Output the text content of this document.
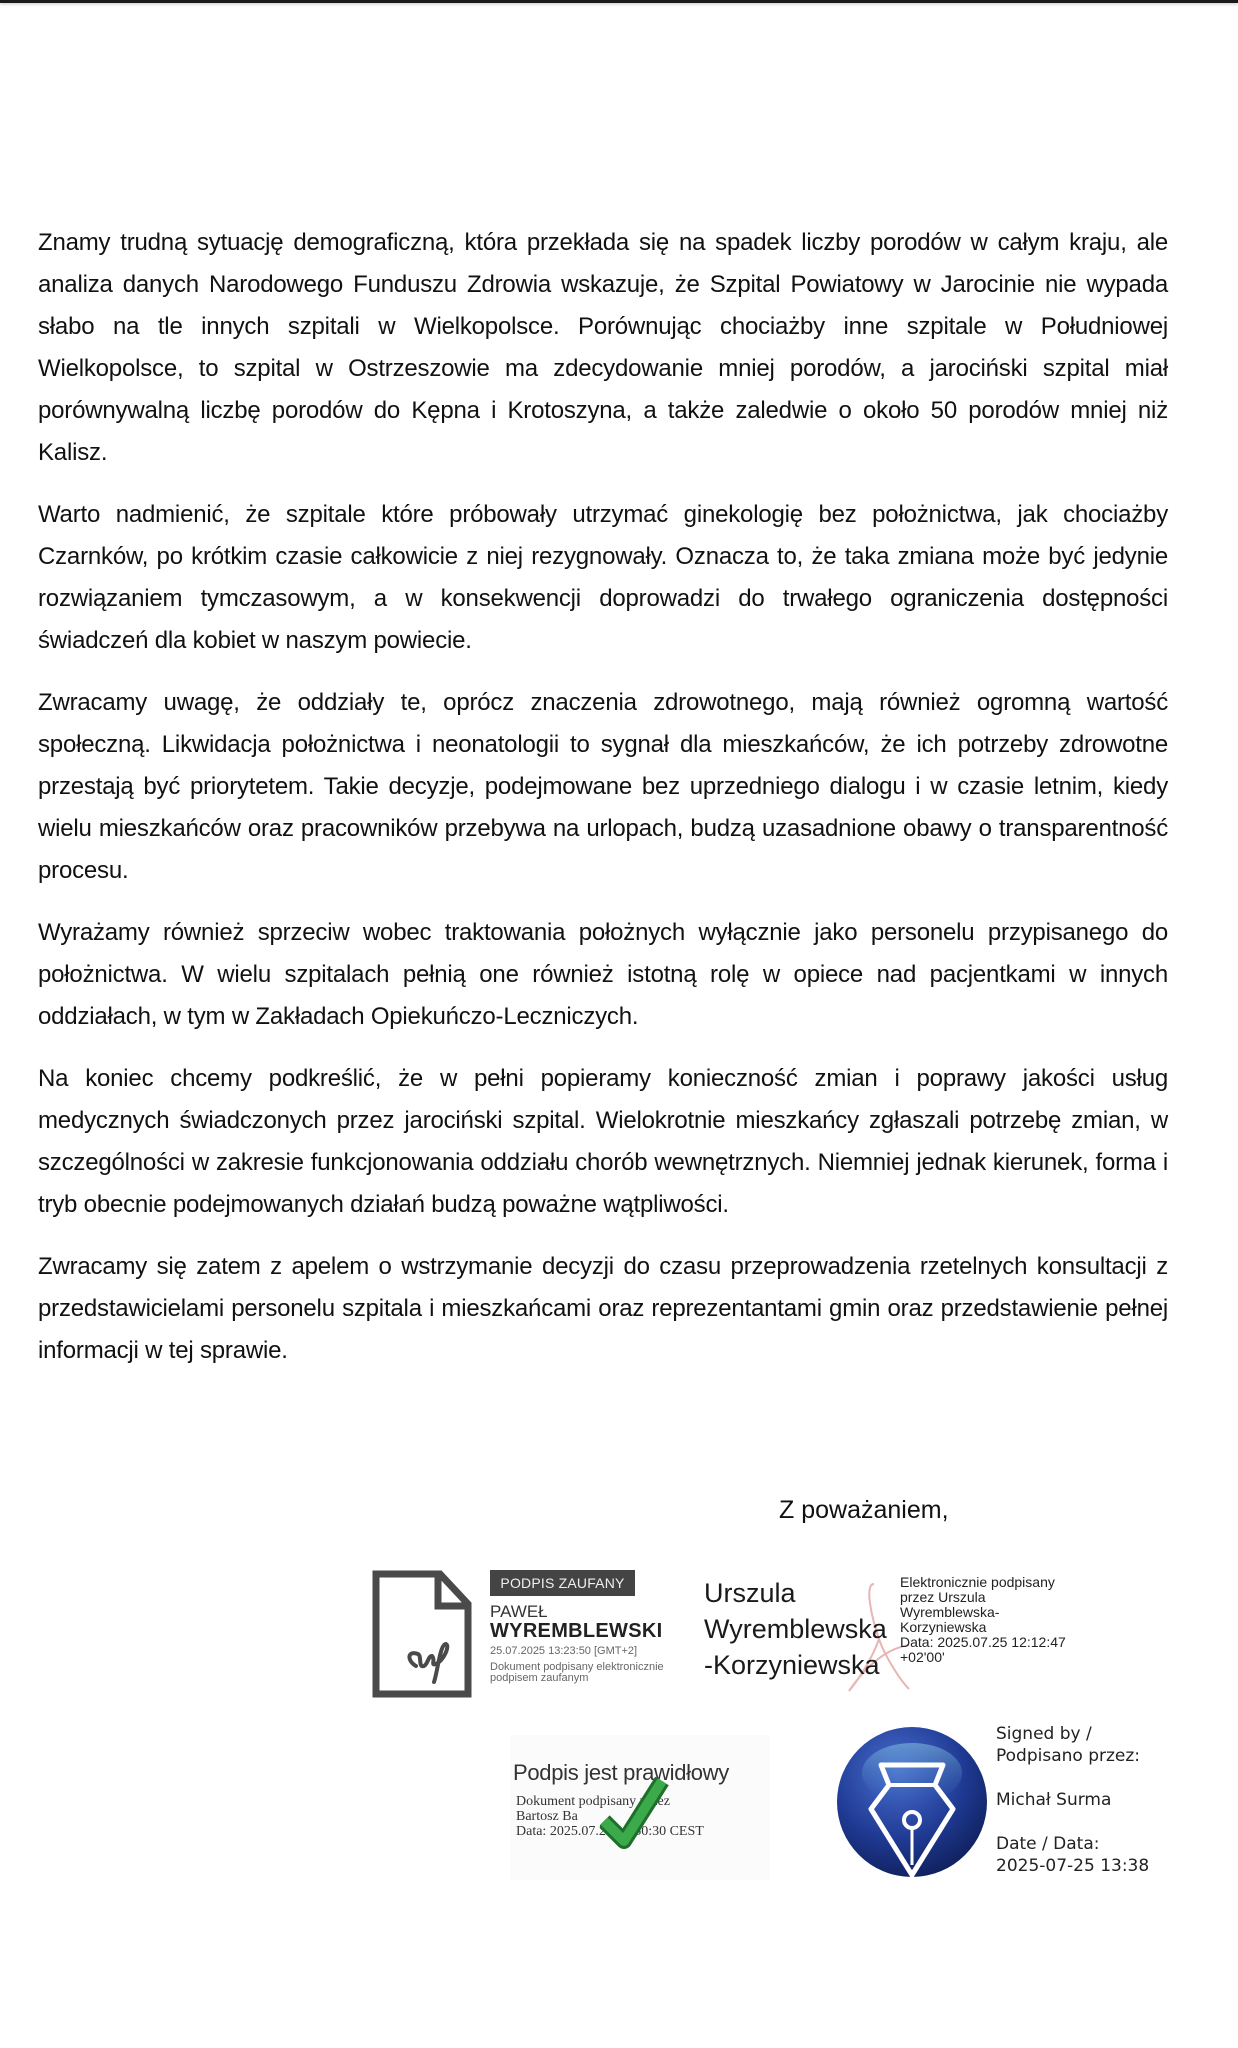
Znamy trudną sytuację demograficzną, która przekłada się na spadek liczby porodów w całym kraju, ale analiza danych Narodowego Funduszu Zdrowia wskazuje, że Szpital Powiatowy w Jarocinie nie wypada słabo na tle innych szpitali w Wielkopolsce. Porównując chociażby inne szpitale w Południowej Wielkopolsce, to szpital w Ostrzeszowie ma zdecydowanie mniej porodów, a jarociński szpital miał porównywalną liczbę porodów do Kępna i Krotoszyna, a także zaledwie o około 50 porodów mniej niż Kalisz.

Warto nadmienić, że szpitale które próbowały utrzymać ginekologię bez położnictwa, jak chociażby Czarnków, po krótkim czasie całkowicie z niej rezygnowały. Oznacza to, że taka zmiana może być jedynie rozwiązaniem tymczasowym, a w konsekwencji doprowadzi do trwałego ograniczenia dostępności świadczeń dla kobiet w naszym powiecie.

Zwracamy uwagę, że oddziały te, oprócz znaczenia zdrowotnego, mają również ogromną wartość społeczną. Likwidacja położnictwa i neonatologii to sygnał dla mieszkańców, że ich potrzeby zdrowotne przestają być priorytetem. Takie decyzje, podejmowane bez uprzedniego dialogu i w czasie letnim, kiedy wielu mieszkańców oraz pracowników przebywa na urlopach, budzą uzasadnione obawy o transparentność procesu.

Wyrażamy również sprzeciw wobec traktowania położnych wyłącznie jako personelu przypisanego do położnictwa. W wielu szpitalach pełnią one również istotną rolę w opiece nad pacjentkami w innych oddziałach, w tym w Zakładach Opiekuńczo-Leczniczych.

Na koniec chcemy podkreślić, że w pełni popieramy konieczność zmian i poprawy jakości usług medycznych świadczonych przez jarociński szpital. Wielokrotnie mieszkańcy zgłaszali potrzebę zmian, w szczególności w zakresie funkcjonowania oddziału chorób wewnętrznych. Niemniej jednak kierunek, forma i tryb obecnie podejmowanych działań budzą poważne wątpliwości.

Zwracamy się zatem z apelem o wstrzymanie decyzji do czasu przeprowadzenia rzetelnych konsultacji z przedstawicielami personelu szpitala i mieszkańcami oraz reprezentantami gmin oraz przedstawienie pełnej informacji w tej sprawie.

Z poważaniem,
PODPIS ZAUFANY
PAWEŁ
WYREMBLEWSKI
25.07.2025 13:23:50 [GMT+2]
Dokument podpisany elektronicznie
podpisem zaufanym
Urszula
Wyremblewska
-Korzyniewska
Elektronicznie podpisany
przez Urszula
Wyremblewska-
Korzyniewska
Data: 2025.07.25 12:12:47
+02'00'
Podpis jest prawidłowy
Dokument podpisany przez
Bartosz Ba
Data: 2025.07.25 15:50:30 CEST
Signed by /
Podpisano przez:
Michał Surma
Date / Data:
2025-07-25 13:38
